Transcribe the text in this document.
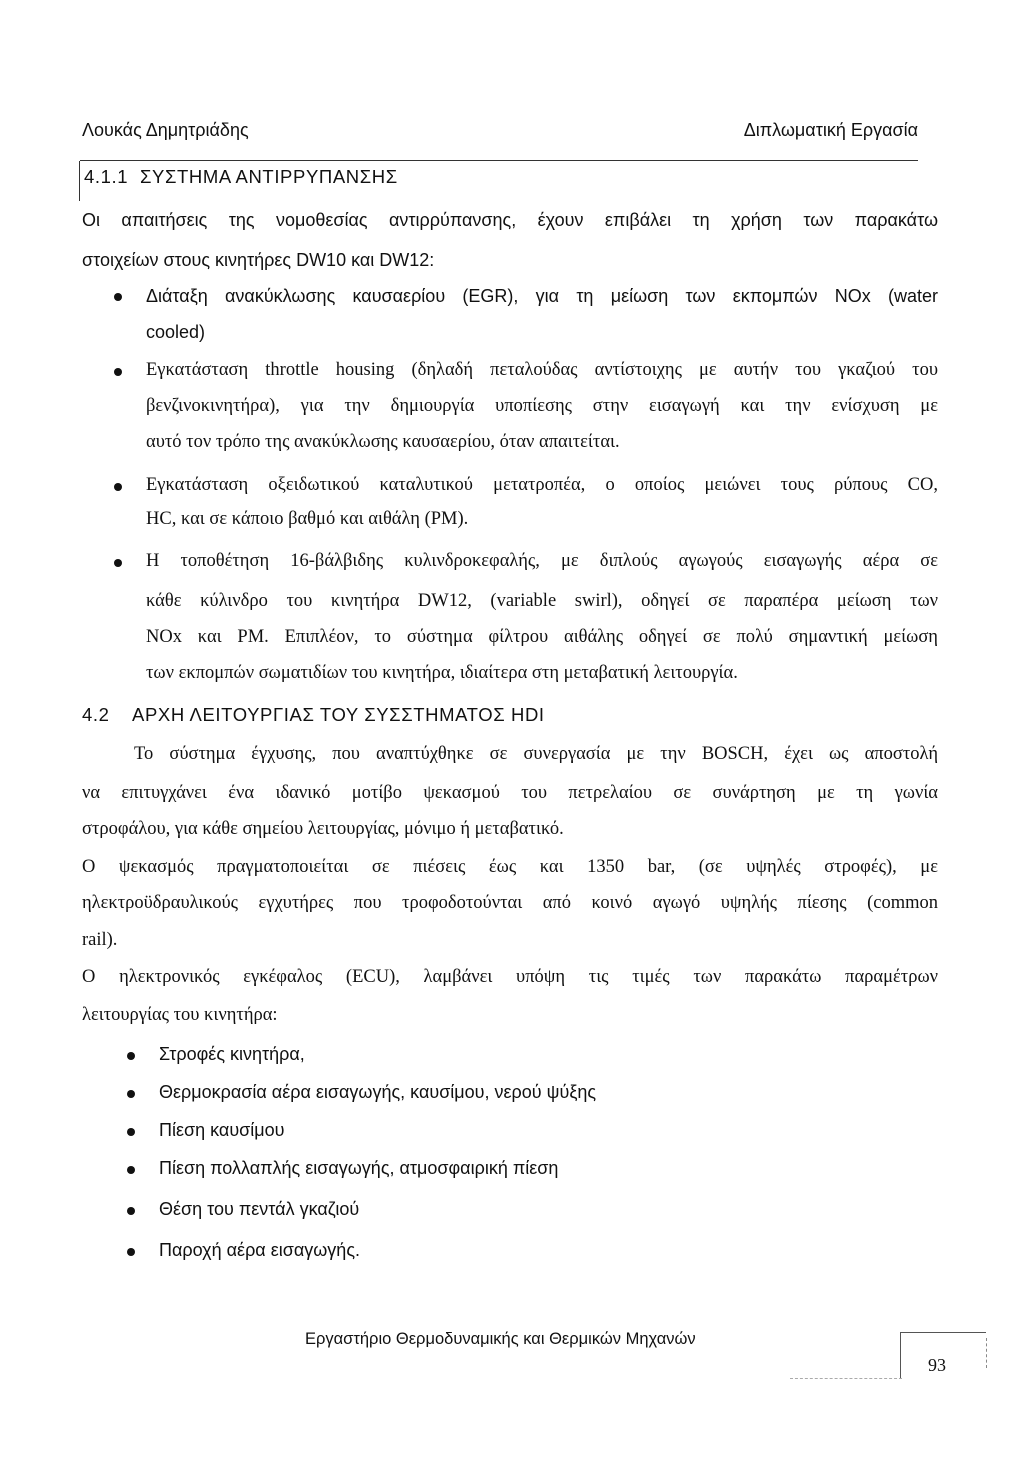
Λουκάς Δημητριάδης	Διπλωματική Εργασία
4.1.1 ΣΥΣΤΗΜΑ ΑΝΤΙΡΡΥΠΑΝΣΗΣ
Οι απαιτήσεις της νομοθεσίας αντιρρύπανσης, έχουν επιβάλει τη χρήση των παρακάτω
στοιχείων στους κινητήρες DW10 και DW12:
Διάταξη ανακύκλωσης καυσαερίου (EGR), για τη μείωση των εκπομπών NOx (water
cooled)
Εγκατάσταση throttle housing (δηλαδή πεταλούδας αντίστοιχης με αυτήν του γκαζιού του
βενζινοκινητήρα), για την δημιουργία υποπίεσης στην εισαγωγή και την ενίσχυση με
αυτό τον τρόπο της ανακύκλωσης καυσαερίου, όταν απαιτείται.
Εγκατάσταση οξειδωτικού καταλυτικού μετατροπέα, ο οποίος μειώνει τους ρύπους CO,
HC, και σε κάποιο βαθμό και αιθάλη (PM).
Η τοποθέτηση 16-βάλβιδης κυλινδροκεφαλής, με διπλούς αγωγούς εισαγωγής αέρα σε
κάθε κύλινδρο του κινητήρα DW12, (variable swirl), οδηγεί σε παραπέρα μείωση των
NOx και PM. Επιπλέον, το σύστημα φίλτρου αιθάλης οδηγεί σε πολύ σημαντική μείωση
των εκπομπών σωματιδίων του κινητήρα, ιδιαίτερα στη μεταβατική λειτουργία.
4.2 ΑΡΧΗ ΛΕΙΤΟΥΡΓΙΑΣ ΤΟΥ ΣΥΣΣΤΗΜΑΤΟΣ HDI
Το σύστημα έγχυσης, που αναπτύχθηκε σε συνεργασία με την BOSCH, έχει ως αποστολή
να επιτυγχάνει ένα ιδανικό μοτίβο ψεκασμού του πετρελαίου σε συνάρτηση με τη γωνία
στροφάλου, για κάθε σημείου λειτουργίας, μόνιμο ή μεταβατικό.
Ο ψεκασμός πραγματοποιείται σε πιέσεις έως και 1350 bar, (σε υψηλές στροφές), με
ηλεκτροϋδραυλικούς εγχυτήρες που τροφοδοτούνται από κοινό αγωγό υψηλής πίεσης (common
rail).
Ο ηλεκτρονικός εγκέφαλος (ECU), λαμβάνει υπόψη τις τιμές των παρακάτω παραμέτρων
λειτουργίας του κινητήρα:
Στροφές κινητήρα,
Θερμοκρασία αέρα εισαγωγής, καυσίμου, νερού ψύξης
Πίεση καυσίμου
Πίεση πολλαπλής εισαγωγής, ατμοσφαιρική πίεση
Θέση του πεντάλ γκαζιού
Παροχή αέρα εισαγωγής.
Εργαστήριο Θερμοδυναμικής και Θερμικών Μηχανών
93
